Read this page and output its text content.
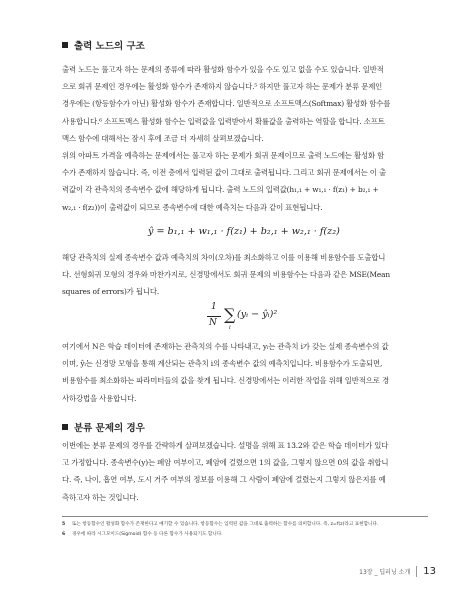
출력 노드의 구조
출력 노드는 풀고자 하는 문제의 종류에 따라 활성화 함수가 있을 수도 있고 없을 수도 있습니다. 일반적
으로 회귀 문제인 경우에는 활성화 함수가 존재하지 않습니다.⁵ 하지만 풀고자 하는 문제가 분류 문제인
경우에는 (항등함수가 아닌) 활성화 함수가 존재합니다. 일반적으로 소프트맥스(Softmax) 활성화 함수를
사용합니다.⁶ 소프트맥스 활성화 함수는 입력값을 입력받아서 확률값을 출력하는 역할을 합니다. 소프트
맥스 함수에 대해서는 잠시 후에 조금 더 자세히 살펴보겠습니다.
위의 아파트 가격을 예측하는 문제에서는 풀고자 하는 문제가 회귀 문제이므로 출력 노드에는 활성화 함
수가 존재하지 않습니다. 즉, 이전 층에서 입력된 값이 그대로 출력됩니다. 그리고 회귀 문제에서는 이 출
력값이 각 관측치의 종속변수 값에 해당하게 됩니다. 출력 노드의 입력값(h₁,₁ + w₁,₁ · f(z₁) + b₂,₁ +
w₂,₁ · f(z₂))이 출력값이 되므로 종속변수에 대한 예측치는 다음과 같이 표현됩니다.
ŷ = b₁,₁ + w₁,₁ · f(z₁) + b₂,₁ + w₂,₁ · f(z₂)
해당 관측치의 실제 종속변수 값과 예측치의 차이(오차)를 최소화하고 이를 이용해 비용함수를 도출합니
다. 선형회귀 모형의 경우와 마찬가지로, 신경망에서도 회귀 문제의 비용함수는 다음과 같은 MSE(Mean
squares of errors)가 됩니다.
1
N ∑
i
(yᵢ − ŷᵢ)²
여기에서 N은 학습 데이터에 존재하는 관측치의 수를 나타내고, yᵢ는 관측치 i가 갖는 실제 종속변수의 값
이며, ŷᵢ는 신경망 모형을 통해 계산되는 관측치 i의 종속변수 값의 예측치입니다. 비용함수가 도출되면,
비용함수를 최소화하는 파라미터들의 값을 찾게 됩니다. 신경망에서는 이러한 작업을 위해 일반적으로 경
사하강법을 사용합니다.
분류 문제의 경우
이번에는 분류 문제의 경우를 간략하게 살펴보겠습니다. 설명을 위해 표 13.2와 같은 학습 데이터가 있다
고 가정합니다. 종속변수(y)는 폐암 여부이고, 폐암에 걸렸으면 1의 값을, 그렇지 않으면 0의 값을 취합니
다. 즉, 나이, 흡연 여부, 도시 거주 여부의 정보를 이용해 그 사람이 폐암에 걸렸는지 그렇지 않은지를 예
측하고자 하는 것입니다.
5 또는 항등함수인 활성화 함수가 존재한다고 얘기할 수 있습니다. 항등함수는 입력된 값을 그대로 출력하는 함수를 의미합니다. 즉, z=f(z)라고 표현합니다.
6 경우에 따라 시그모이드(Sigmoid) 함수 등 다른 함수가 사용되기도 합니다.
13장 _ 딥러닝 소개	13
